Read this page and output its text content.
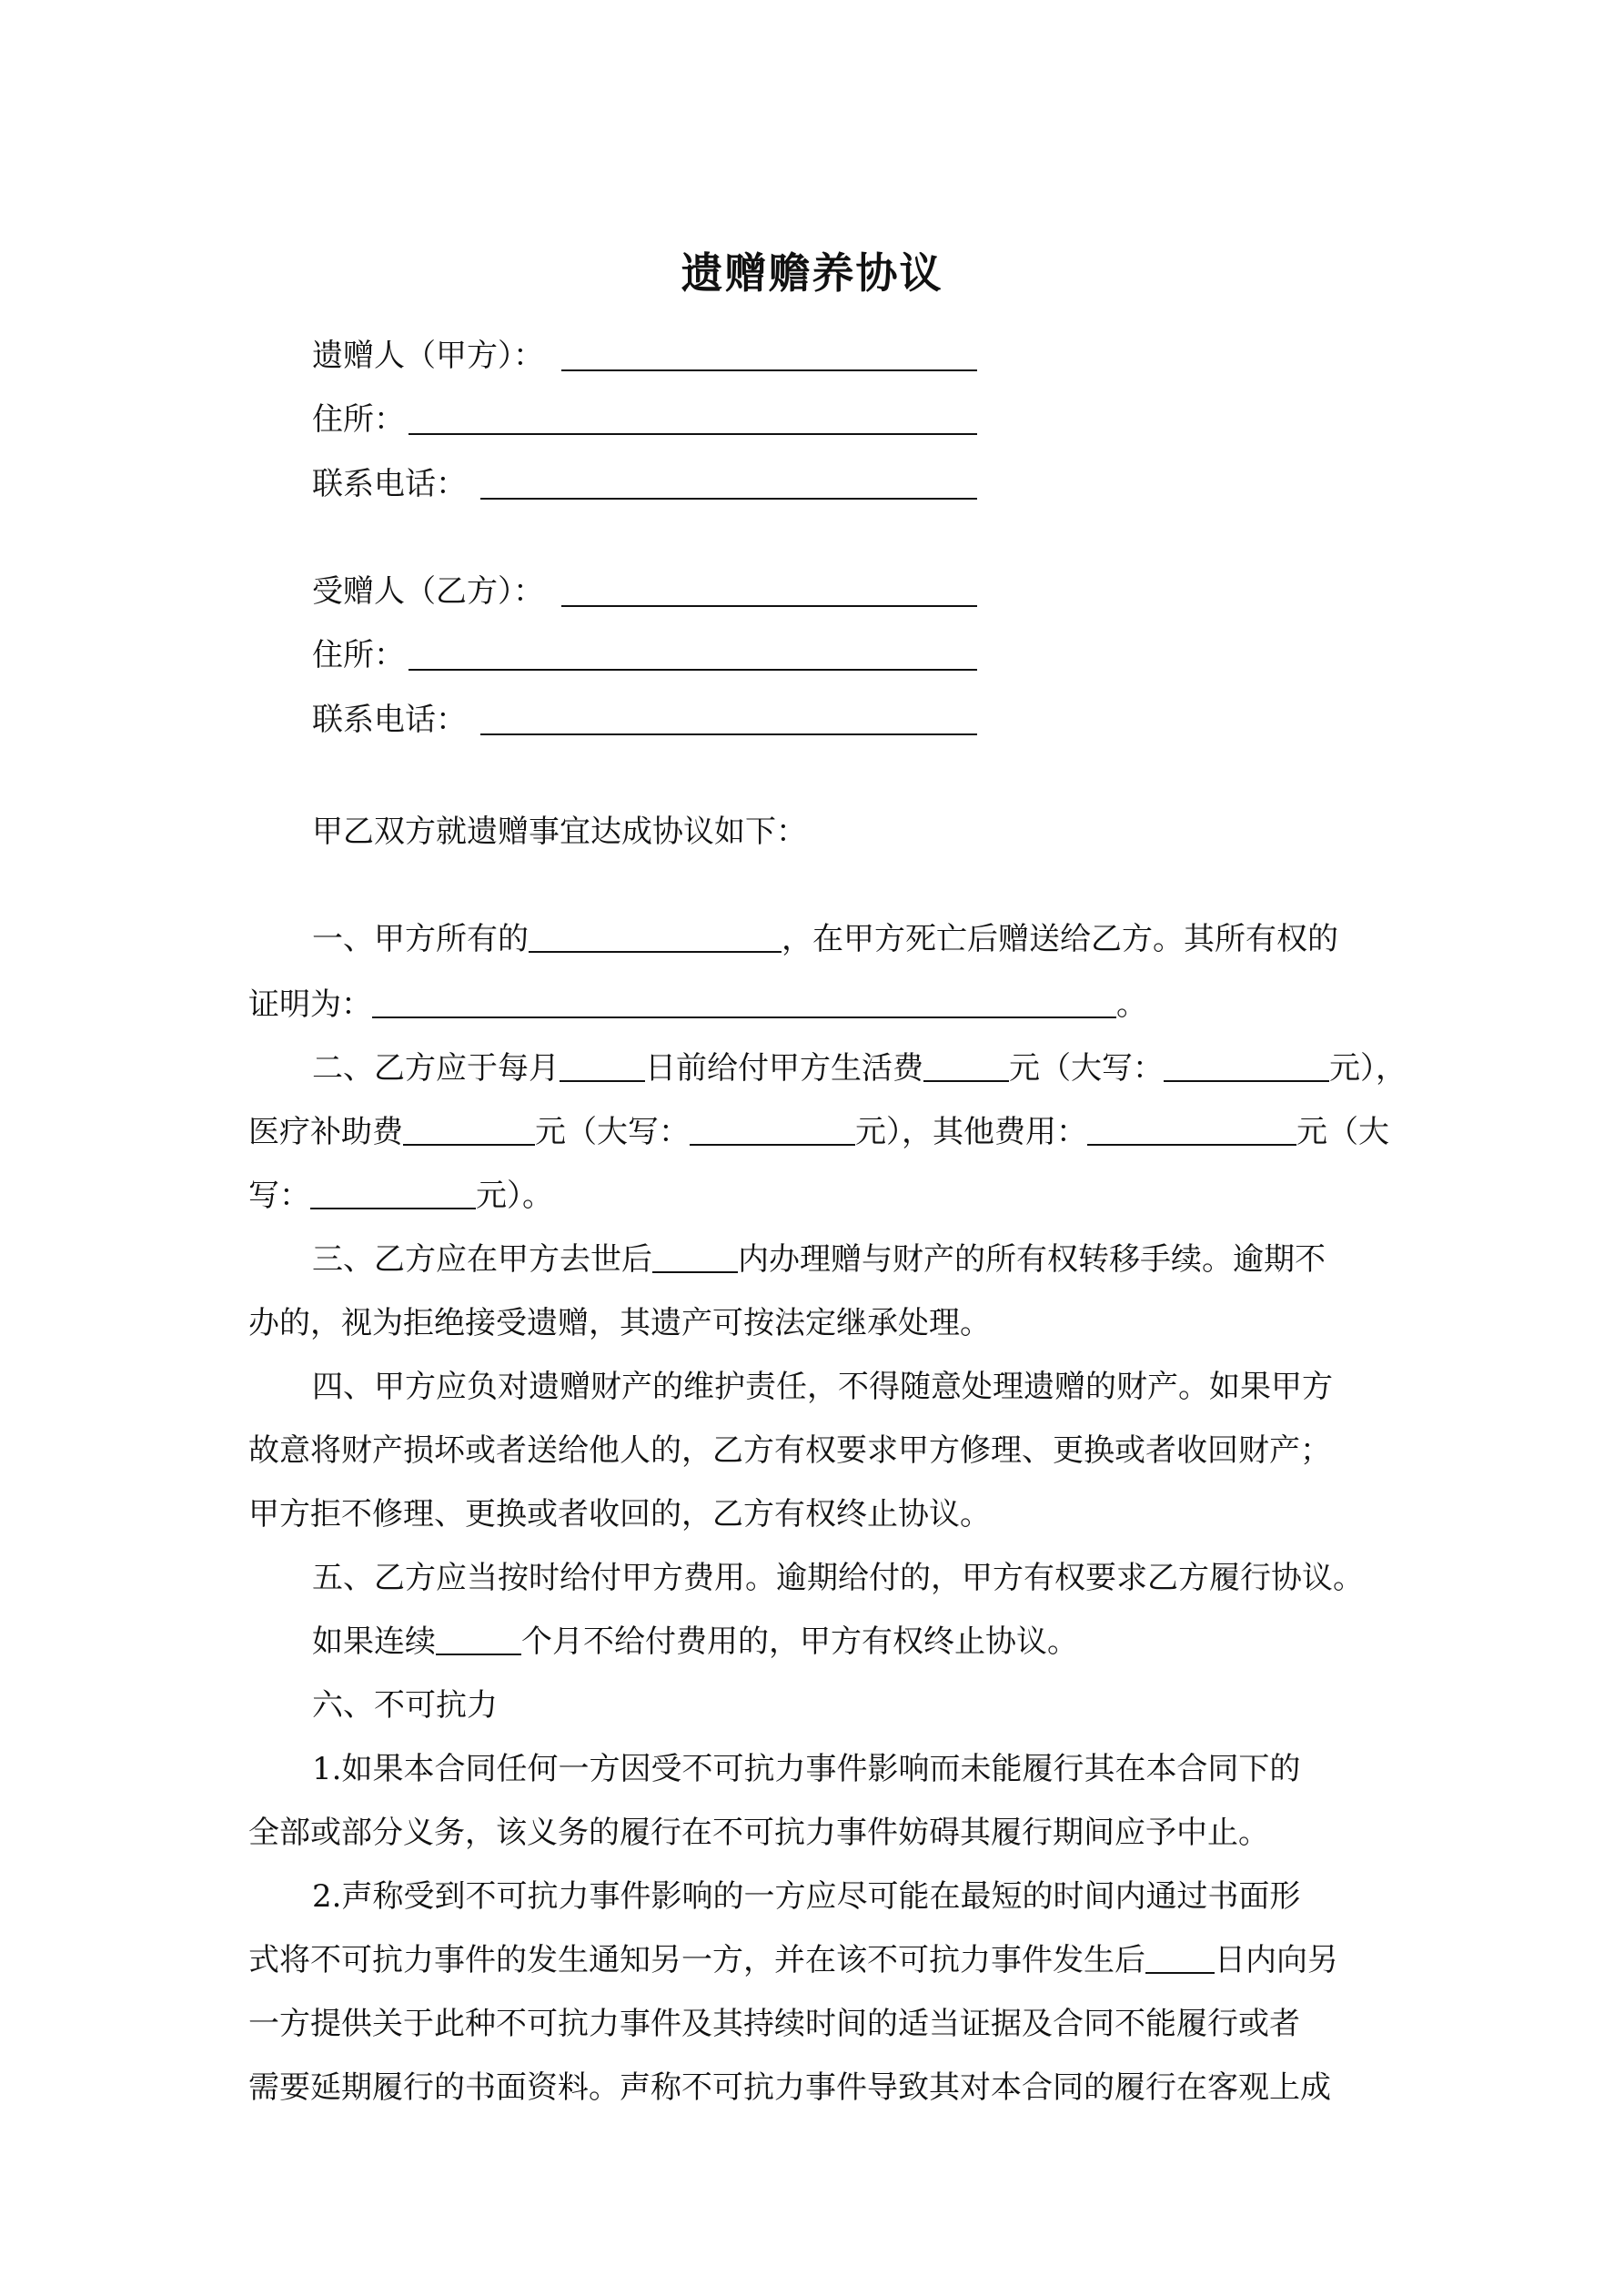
遗赠赡养协议
遗赠人（甲方）：
住所：
联系电话：
受赠人（乙方）：
住所：
联系电话：
甲乙双方就遗赠事宜达成协议如下：
一、甲方所有的	，在甲方死亡后赠送给乙方。其所有权的
证明为：	。
二、乙方应于每月	日前给付甲方生活费	元（大写：	元），
医疗补助费	元（大写：	元），其他费用：	元（大
写：	元）。
三、乙方应在甲方去世后	内办理赠与财产的所有权转移手续。逾期不
办的，视为拒绝接受遗赠，其遗产可按法定继承处理。
四、甲方应负对遗赠财产的维护责任，不得随意处理遗赠的财产。如果甲方
故意将财产损坏或者送给他人的，乙方有权要求甲方修理、更换或者收回财产；
甲方拒不修理、更换或者收回的，乙方有权终止协议。
五、乙方应当按时给付甲方费用。逾期给付的，甲方有权要求乙方履行协议。
如果连续	个月不给付费用的，甲方有权终止协议。
六、不可抗力
1.如果本合同任何一方因受不可抗力事件影响而未能履行其在本合同下的
全部或部分义务，该义务的履行在不可抗力事件妨碍其履行期间应予中止。
2.声称受到不可抗力事件影响的一方应尽可能在最短的时间内通过书面形
式将不可抗力事件的发生通知另一方，并在该不可抗力事件发生后 日内向另
一方提供关于此种不可抗力事件及其持续时间的适当证据及合同不能履行或者
需要延期履行的书面资料。声称不可抗力事件导致其对本合同的履行在客观上成
